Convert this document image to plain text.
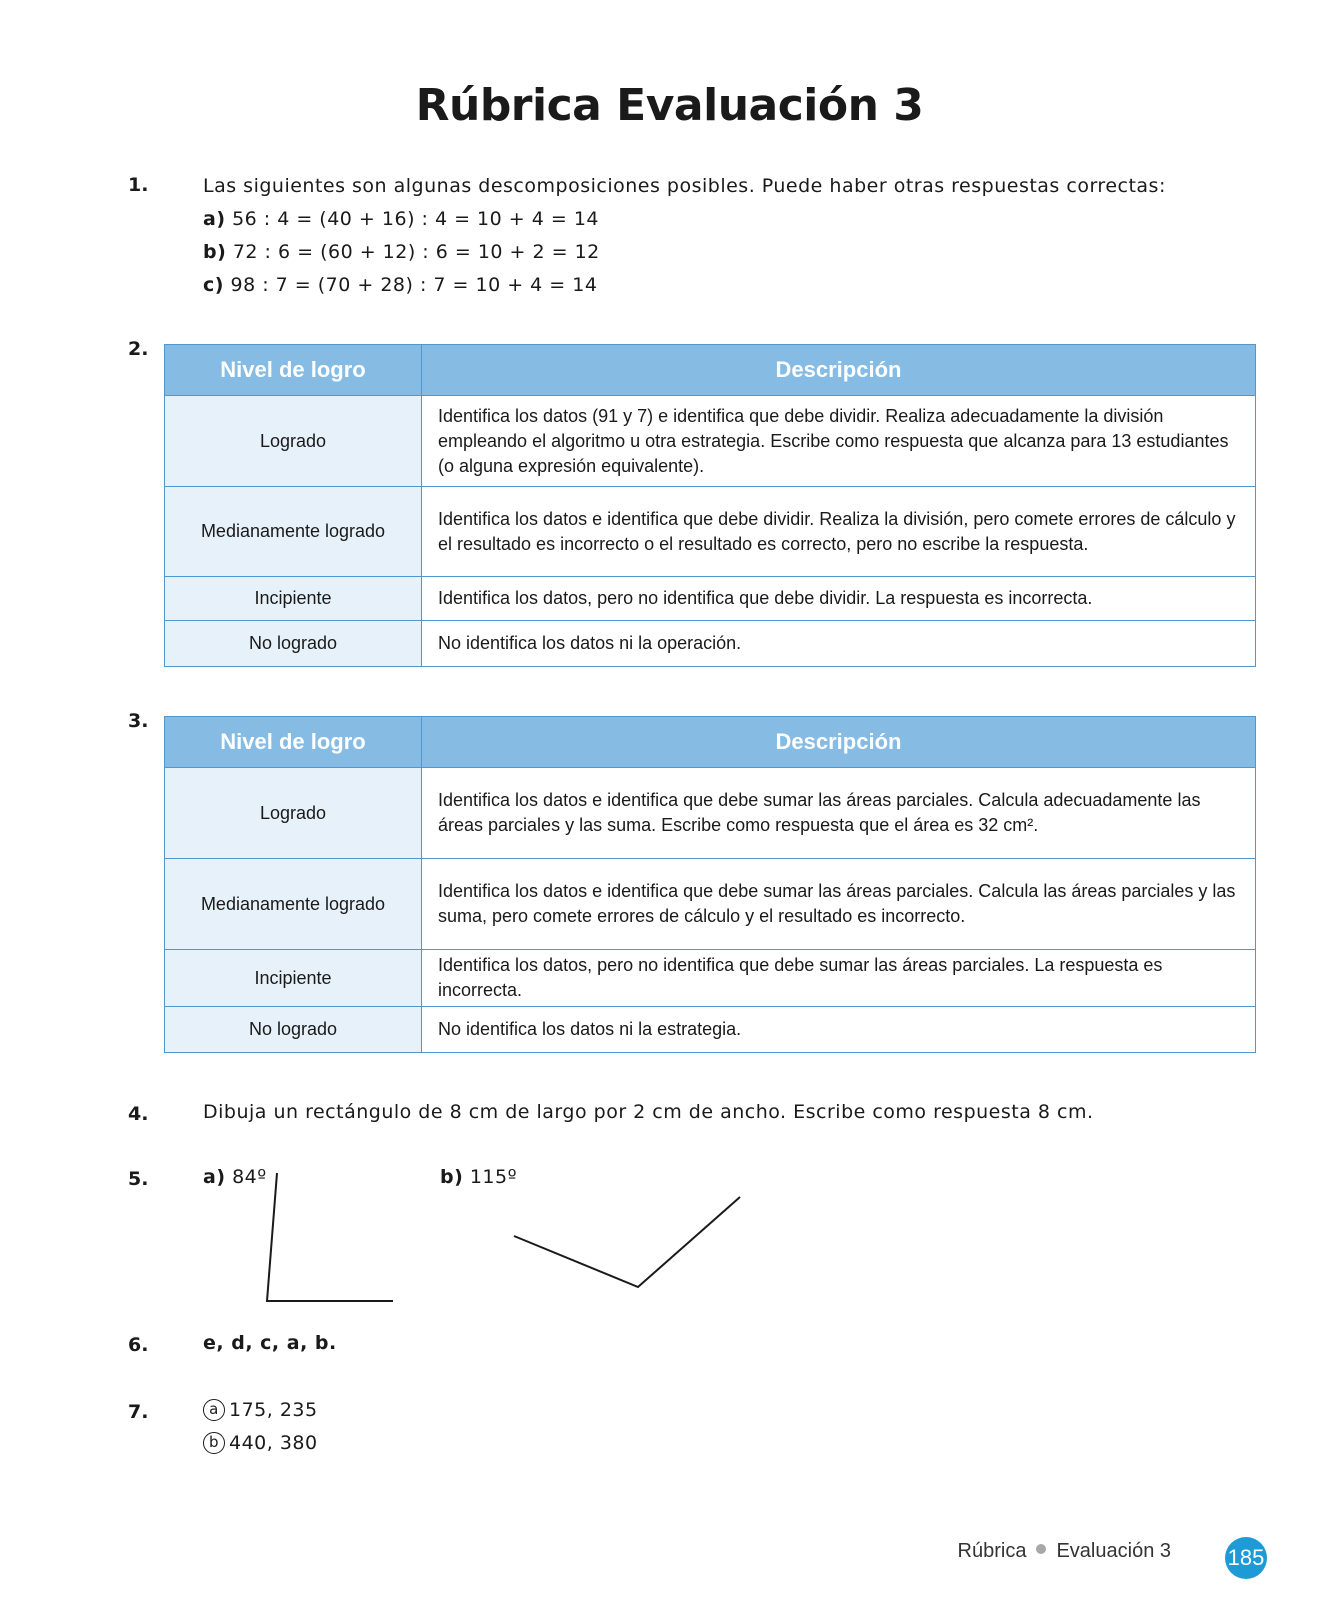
Rúbrica Evaluación 3
1.	Las siguientes son algunas descomposiciones posibles. Puede haber otras respuestas correctas:
a) 56 : 4 = (40 + 16) : 4 = 10 + 4 = 14
b) 72 : 6 = (60 + 12) : 6 = 10 + 2 = 12
c) 98 : 7 = (70 + 28) : 7 = 10 + 4 = 14
2.
Nivel de logro	Descripción
Logrado	Identifica los datos (91 y 7) e identifica que debe dividir. Realiza adecuadamente la división empleando el algoritmo u otra estrategia. Escribe como respuesta que alcanza para 13 estudiantes (o alguna expresión equivalente).
Medianamente logrado	Identifica los datos e identifica que debe dividir. Realiza la división, pero comete errores de cálculo y el resultado es incorrecto o el resultado es correcto, pero no escribe la respuesta.
Incipiente	Identifica los datos, pero no identifica que debe dividir. La respuesta es incorrecta.
No logrado	No identifica los datos ni la operación.
3.
Nivel de logro	Descripción
Logrado	Identifica los datos e identifica que debe sumar las áreas parciales. Calcula adecuadamente las áreas parciales y las suma. Escribe como respuesta que el área es 32 cm².
Medianamente logrado	Identifica los datos e identifica que debe sumar las áreas parciales. Calcula las áreas parciales y las suma, pero comete errores de cálculo y el resultado es incorrecto.
Incipiente	Identifica los datos, pero no identifica que debe sumar las áreas parciales. La respuesta es incorrecta.
No logrado	No identifica los datos ni la estrategia.
4.	Dibuja un rectángulo de 8 cm de largo por 2 cm de ancho. Escribe como respuesta 8 cm.
5.	a) 84º	b) 115º
6.	e, d, c, a, b.
7.	a 175, 235
b 440, 380
Rúbrica Evaluación 3	185
